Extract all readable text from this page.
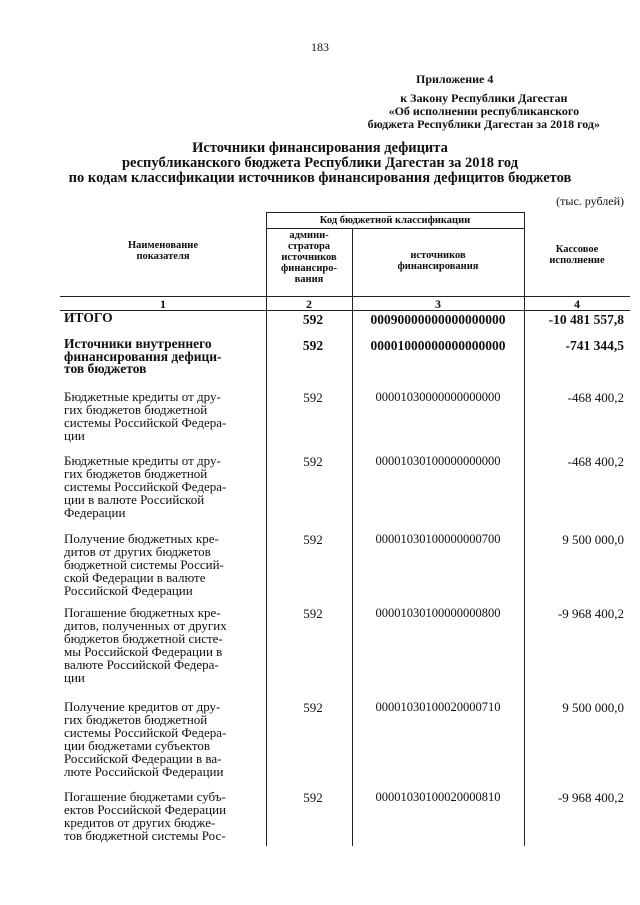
183
Приложение 4
к Закону Республики Дагестан
«Об исполнении республиканского
бюджета Республики Дагестан за 2018 год»
Источники финансирования дефицита
республиканского бюджета Республики Дагестан за 2018 год
по кодам классификации источников финансирования дефицитов бюджетов
(тыс. рублей)
Код бюджетной классификации
Наименование
показателя
админи-
стратора
источников
финансиро-
вания
источников
финансирования
Кассовое
исполнение
1	2	3	4
ИТОГО	592	00090000000000000000	-10 481 557,8
Источники внутреннего
финансирования дефици-
тов бюджетов
592	00001000000000000000	-741 344,5
Бюджетные кредиты от дру-
гих бюджетов бюджетной
системы Российской Федера-
ции
592	00001030000000000000	-468 400,2
Бюджетные кредиты от дру-
гих бюджетов бюджетной
системы Российской Федера-
ции в валюте Российской
Федерации
592	00001030100000000000	-468 400,2
Получение бюджетных кре-
дитов от других бюджетов
бюджетной системы Россий-
ской Федерации в валюте
Российской Федерации
592	00001030100000000700	9 500 000,0
Погашение бюджетных кре-
дитов, полученных от других
бюджетов бюджетной систе-
мы Российской Федерации в
валюте Российской Федера-
ции
592	00001030100000000800	-9 968 400,2
Получение кредитов от дру-
гих бюджетов бюджетной
системы Российской Федера-
ции бюджетами субъектов
Российской Федерации в ва-
люте Российской Федерации
592	00001030100020000710	9 500 000,0
Погашение бюджетами субъ-
ектов Российской Федерации
кредитов от других бюдже-
тов бюджетной системы Рос-
592	00001030100020000810	-9 968 400,2
